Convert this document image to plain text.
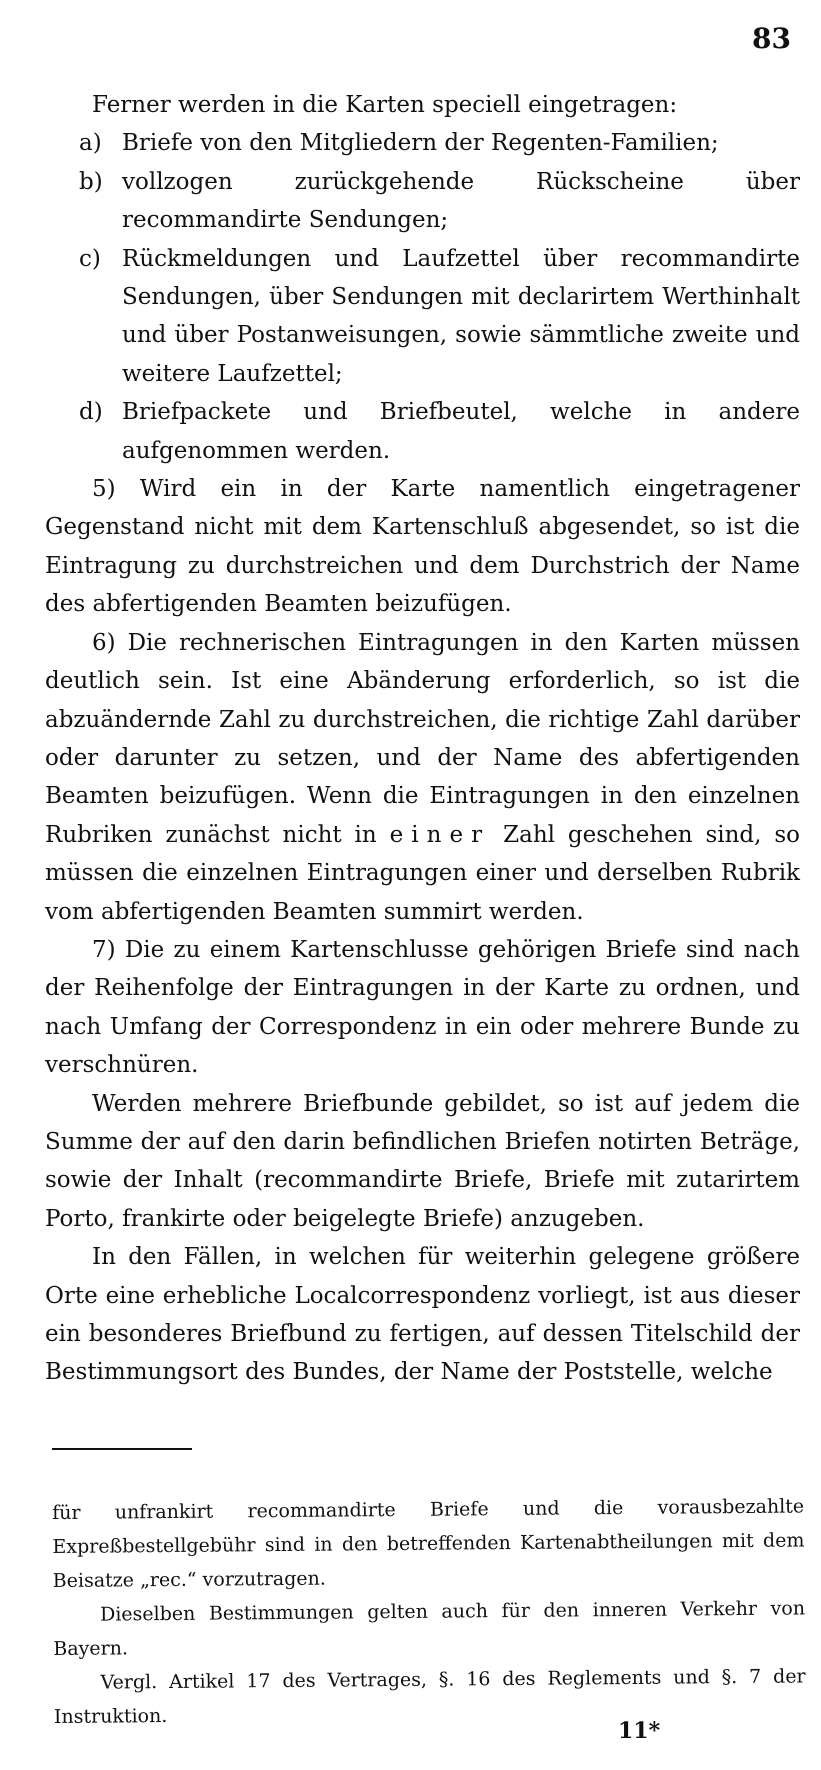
83

Ferner werden in die Karten speciell eingetragen:

a) Briefe von den Mitgliedern der Regenten-Familien;

b) vollzogen zurückgehende Rückscheine über recommandirte Sendungen;

c) Rückmeldungen und Laufzettel über recommandirte Sendungen, über Sendungen mit declarirtem Werthinhalt und über Postanweisungen, sowie sämmtliche zweite und weitere Laufzettel;

d) Briefpackete und Briefbeutel, welche in andere aufgenommen werden.

5) Wird ein in der Karte namentlich eingetragener Gegenstand nicht mit dem Kartenschluß abgesendet, so ist die Eintragung zu durchstreichen und dem Durchstrich der Name des abfertigenden Beamten beizufügen.

6) Die rechnerischen Eintragungen in den Karten müssen deutlich sein. Ist eine Abänderung erforderlich, so ist die abzuändernde Zahl zu durchstreichen, die richtige Zahl darüber oder darunter zu setzen, und der Name des abfertigenden Beamten beizufügen. Wenn die Eintragungen in den einzelnen Rubriken zunächst nicht in einer Zahl geschehen sind, so müssen die einzelnen Eintragungen einer und derselben Rubrik vom abfertigenden Beamten summirt werden.

7) Die zu einem Kartenschlusse gehörigen Briefe sind nach der Reihenfolge der Eintragungen in der Karte zu ordnen, und nach Umfang der Correspondenz in ein oder mehrere Bunde zu verschnüren.

Werden mehrere Briefbunde gebildet, so ist auf jedem die Summe der auf den darin befindlichen Briefen notirten Beträge, sowie der Inhalt (recommandirte Briefe, Briefe mit zutarirtem Porto, frankirte oder beigelegte Briefe) anzugeben.

In den Fällen, in welchen für weiterhin gelegene größere Orte eine erhebliche Localcorrespondenz vorliegt, ist aus dieser ein besonderes Briefbund zu fertigen, auf dessen Titelschild der Bestimmungsort des Bundes, der Name der Poststelle, welche

für unfrankirt recommandirte Briefe und die vorausbezahlte Expreßbestellgebühr sind in den betreffenden Kartenabtheilungen mit dem Beisatze „rec.“ vorzutragen.

Dieselben Bestimmungen gelten auch für den inneren Verkehr von Bayern.

Vergl. Artikel 17 des Vertrages, §. 16 des Reglements und §. 7 der Instruktion.

11*
